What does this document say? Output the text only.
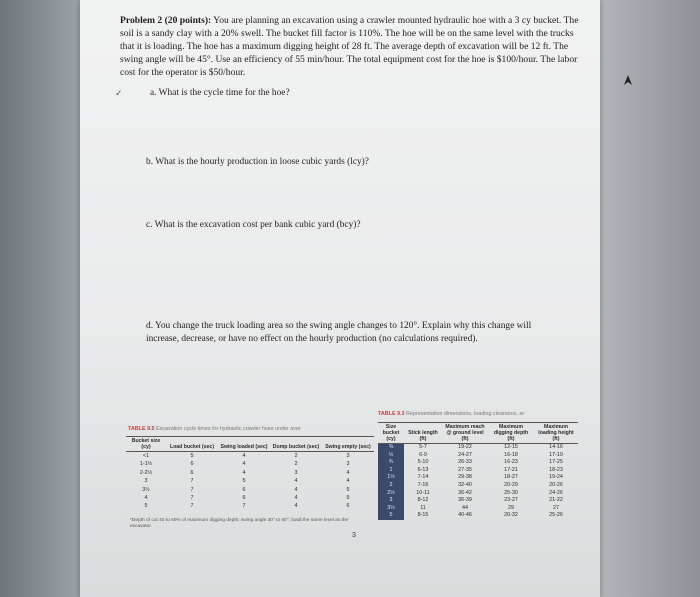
Problem 2 (20 points): You are planning an excavation using a crawler mounted hydraulic hoe with a 3 cy bucket. The soil is a sandy clay with a 20% swell. The bucket fill factor is 110%. The hoe will be on the same level with the trucks that it is loading. The hoe has a maximum digging height of 28 ft. The average depth of excavation will be 12 ft. The swing angle will be 45°. Use an efficiency of 55 min/hour. The total equipment cost for the hoe is $100/hour. The labor cost for the operator is $50/hour.
✓	a. What is the cycle time for the hoe?
b. What is the hourly production in loose cubic yards (lcy)?
c. What is the excavation cost per bank cubic yard (bcy)?
d. You change the truck loading area so the swing angle changes to 120°. Explain why this change will increase, decrease, or have no effect on the hourly production (no calculations required).
TABLE 9.5 Excavation cycle times for hydraulic crawler hoes under aver
Bucket size (cy)	Load bucket (sec)	Swing loaded (sec)	Dump bucket (sec)	Swing empty (sec)
<1	5	4	2	3
1-1½	6	4	2	3
2-2½	6	4	3	4
3	7	5	4	4
3½	7	6	4	5
4	7	6	4	5
5	7	7	4	6
*Depth of cut 40 to 60% of maximum digging depth; swing angle 30° to 60°; loadi the same level as the excavator.
TABLE 9.3 Representative dimensions, loading clearance, ar
Size bucket (cy)	Stick length (ft)	Maximum reach @ ground level (ft)	Maximum digging depth (ft)	Maximum loading height (ft)
⅜	5-7	19-22	12-15	14-16
½	6-9	24-27	16-18	17-19
¾	5-10	26-33	16-23	17-25
1	6-13	27-35	17-21	18-23
1½	7-14	29-38	18-27	19-24
2	7-16	32-40	20-29	20-26
2½	10-11	36-42	25-30	24-26
3	8-12	36-39	23-27	21-22
3½	11	44	29	27
5	8-15	40-46	20-32	25-26
3
